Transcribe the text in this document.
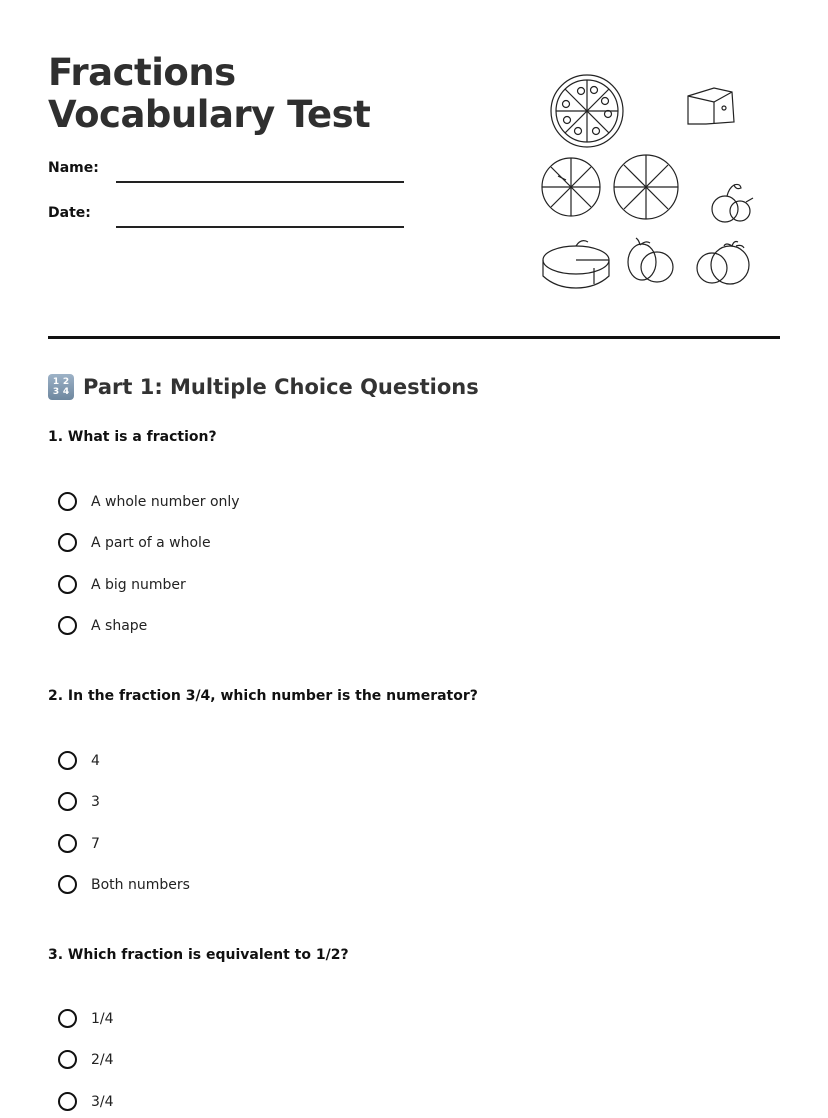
Fractions Vocabulary Test
Name:
Date:
1 2
3 4 Part 1: Multiple Choice Questions

1. What is a fraction?

A whole number only
A part of a whole
A big number
A shape

2. In the fraction 3/4, which number is the numerator?

4
3
7
Both numbers

3. Which fraction is equivalent to 1/2?

1/4
2/4
3/4
